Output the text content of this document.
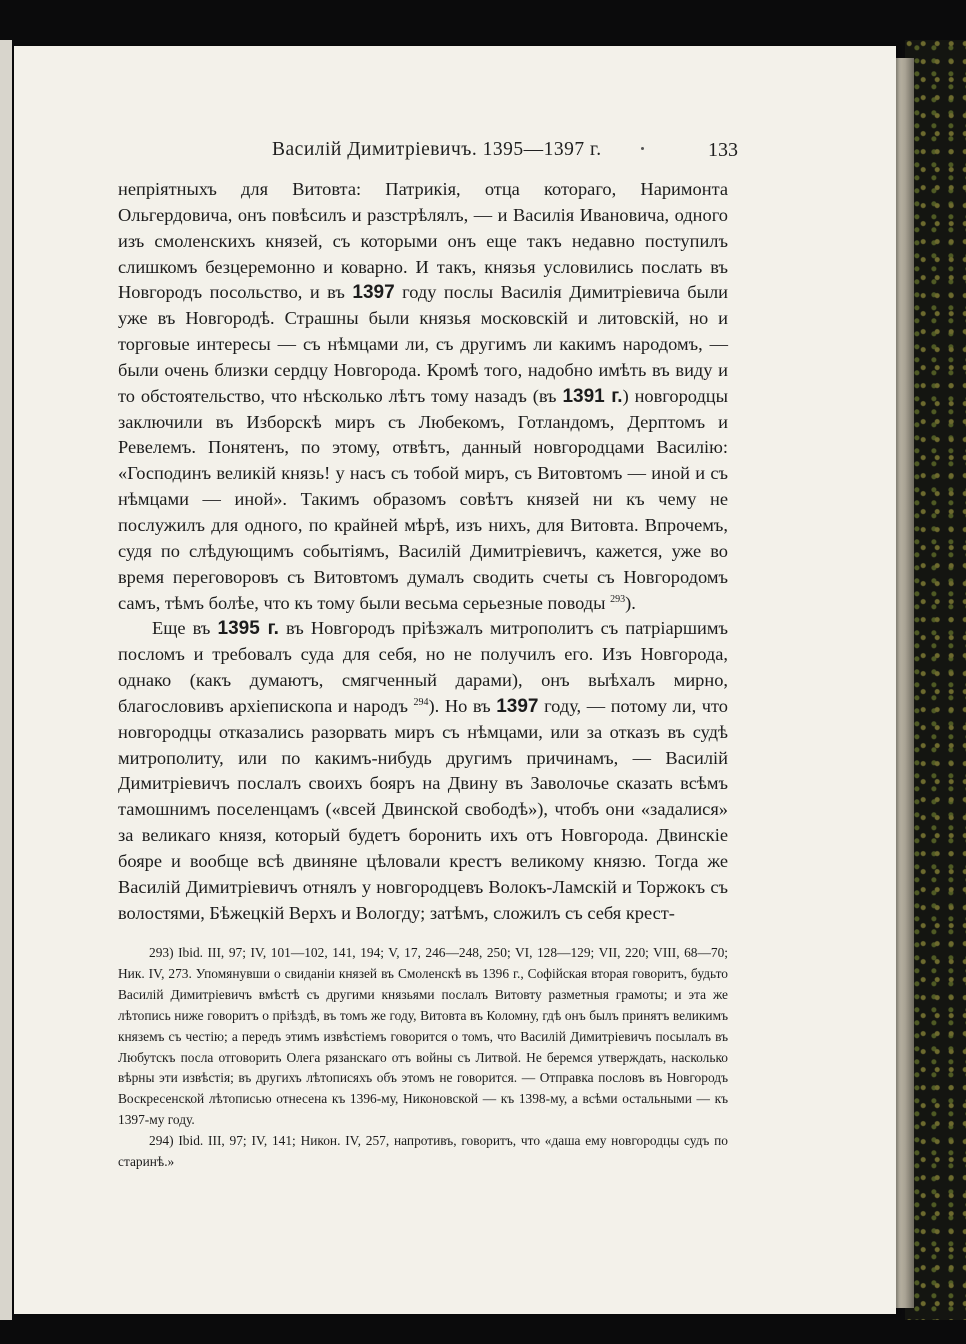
Василій Димитріевичъ. 1395—1397 г.	133

непріятныхъ для Витовта: Патрикія, отца котораго, Наримонта Ольгердовича, онъ повѣсилъ и разстрѣлялъ, — и Василія Ивановича, одного изъ смоленскихъ князей, съ которыми онъ еще такъ недавно поступилъ слишкомъ безцеремонно и коварно. И такъ, князья условились послать въ Новгородъ посольство, и въ 1397 году послы Василія Димитріевича были уже въ Новгородѣ. Страшны были князья московскій и литовскій, но и торговые интересы — съ нѣмцами ли, съ другимъ ли какимъ народомъ, — были очень близки сердцу Новгорода. Кромѣ того, надобно имѣть въ виду и то обстоятельство, что нѣсколько лѣтъ тому назадъ (въ 1391 г.) новгородцы заключили въ Изборскѣ миръ съ Любекомъ, Готландомъ, Дерптомъ и Ревелемъ. Понятенъ, по этому, отвѣтъ, данный новгородцами Василію: «Господинъ великій князь! у насъ съ тобой миръ, съ Витовтомъ — иной и съ нѣмцами — иной». Такимъ образомъ совѣтъ князей ни къ чему не послужилъ для одного, по крайней мѣрѣ, изъ нихъ, для Витовта. Впрочемъ, судя по слѣдующимъ событіямъ, Василій Димитріевичъ, кажется, уже во время переговоровъ съ Витовтомъ думалъ сводить счеты съ Новгородомъ самъ, тѣмъ болѣе, что къ тому были весьма серьезные поводы $^{293}$).

Еще въ 1395 г. въ Новгородъ пріѣзжалъ митрополитъ съ патріаршимъ посломъ и требовалъ суда для себя, но не получилъ его. Изъ Новгорода, однако (какъ думаютъ, смягченный дарами), онъ выѣхалъ мирно, благословивъ архіепископа и народъ $^{294}$). Но въ 1397 году, — потому ли, что новгородцы отказались разорвать миръ съ нѣмцами, или за отказъ въ судѣ митрополиту, или по какимъ-нибудь другимъ причинамъ, — Василій Димитріевичъ послалъ своихъ бояръ на Двину въ Заволочье сказать всѣмъ тамошнимъ поселенцамъ («всей Двинской свободѣ»), чтобъ они «задалися» за великаго князя, который будетъ боронить ихъ отъ Новгорода. Двинскіе бояре и вообще всѣ двиняне цѣловали крестъ великому князю. Тогда же Василій Димитріевичъ отнялъ у новгородцевъ Волокъ-Ламскій и Торжокъ съ волостями, Бѣжецкій Верхъ и Вологду; затѣмъ, сложилъ съ себя крест-

293) Ibid. III, 97; IV, 101—102, 141, 194; V, 17, 246—248, 250; VI, 128—129; VII, 220; VIII, 68—70; Ник. IV, 273. Упомянувши о свиданіи князей въ Смоленскѣ въ 1396 г., Софійская вторая говоритъ, будьто Василій Димитріевичъ вмѣстѣ съ другими князьями послалъ Витовту разметныя грамоты; и эта же лѣтопись ниже говоритъ о пріѣздѣ, въ томъ же году, Витовта въ Коломну, гдѣ онъ былъ принятъ великимъ княземъ съ честію; а передъ этимъ извѣстіемъ говорится о томъ, что Василій Димитріевичъ посылалъ въ Любутскъ посла отговорить Олега рязанскаго отъ войны съ Литвой. Не беремся утверждать, насколько вѣрны эти извѣстія; въ другихъ лѣтописяхъ объ этомъ не говорится. — Отправка пословъ въ Новгородъ Воскресенской лѣтописью отнесена къ 1396-му, Никоновской — къ 1398-му, а всѣми остальными — къ 1397-му году.

294) Ibid. III, 97; IV, 141; Никон. IV, 257, напротивъ, говоритъ, что «даша ему новгородцы судъ по старинѣ.»
